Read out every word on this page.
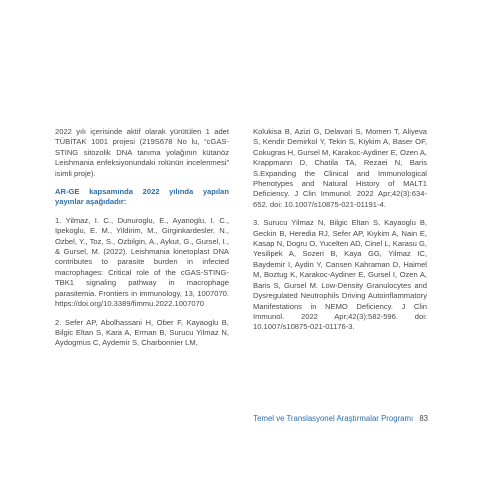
2022 yılı içerisinde aktif olarak yürütülen 1 adet TÜBİTAK 1001 projesi (219S678 No lu, “cGAS-STING sitozolik DNA tanıma yolağının kütanöz Leishmania enfeksiyonundaki rolünün incelenmesi” isimli proje).

AR-GE kapsamında 2022 yılında yapılan yayınlar aşağıdadır:

1. Yilmaz, I. C., Dunuroglu, E., Ayanoglu, I. C., Ipekoglu, E. M., Yildirim, M., Girginkardesler, N., Ozbel, Y., Toz, S., Ozbilgin, A., Aykut, G., Gursel, I., & Gursel, M. (2022). Leishmania kinetoplast DNA contributes to parasite burden in infected macrophages: Critical role of the cGAS-STING-TBK1 signaling pathway in macrophage parasitemia. Frontiers in immunology, 13, 1007070. https://doi.org/10.3389/fimmu.2022.1007070

2. Sefer AP, Abolhassani H, Ober F, Kayaoglu B, Bilgic Eltan S, Kara A, Erman B, Surucu Yilmaz N, Aydogmus C, Aydemir S, Charbonnier LM,

Kolukisa B, Azizi G, Delavari S, Momen T, Aliyeva S, Kendir Demirkol Y, Tekin S, Kiykim A, Baser OF, Cokugras H, Gursel M, Karakoc-Aydiner E, Ozen A, Krappmann D, Chatila TA, Rezaei N, Baris S.Expanding the Clinical and Immunological Phenotypes and Natural History of MALT1 Deficiency. J Clin Immunol. 2022 Apr;42(3):634-652. doi: 10.1007/s10875-021-01191-4.

3. Surucu Yilmaz N, Bilgic Eltan S, Kayaoglu B, Geckin B, Heredia RJ, Sefer AP, Kiykim A, Nain E, Kasap N, Dogru O, Yucelten AD, Cinel L, Karasu G, Yesilipek A, Sozeri B, Kaya GG, Yilmaz IC, Baydemir I, Aydin Y, Cansen Kahraman D, Haimel M, Boztug K, Karakoc-Aydiner E, Gursel I, Ozen A, Baris S, Gursel M. Low-Density Granulocytes and Dysregulated Neutrophils Driving Autoinflammatory Manifestations in NEMO Deficiency. J Clin Immunol. 2022 Apr;42(3):582-596. doi: 10.1007/s10875-021-01176-3.

Temel ve Translasyonel Araştırmalar Programı 83
